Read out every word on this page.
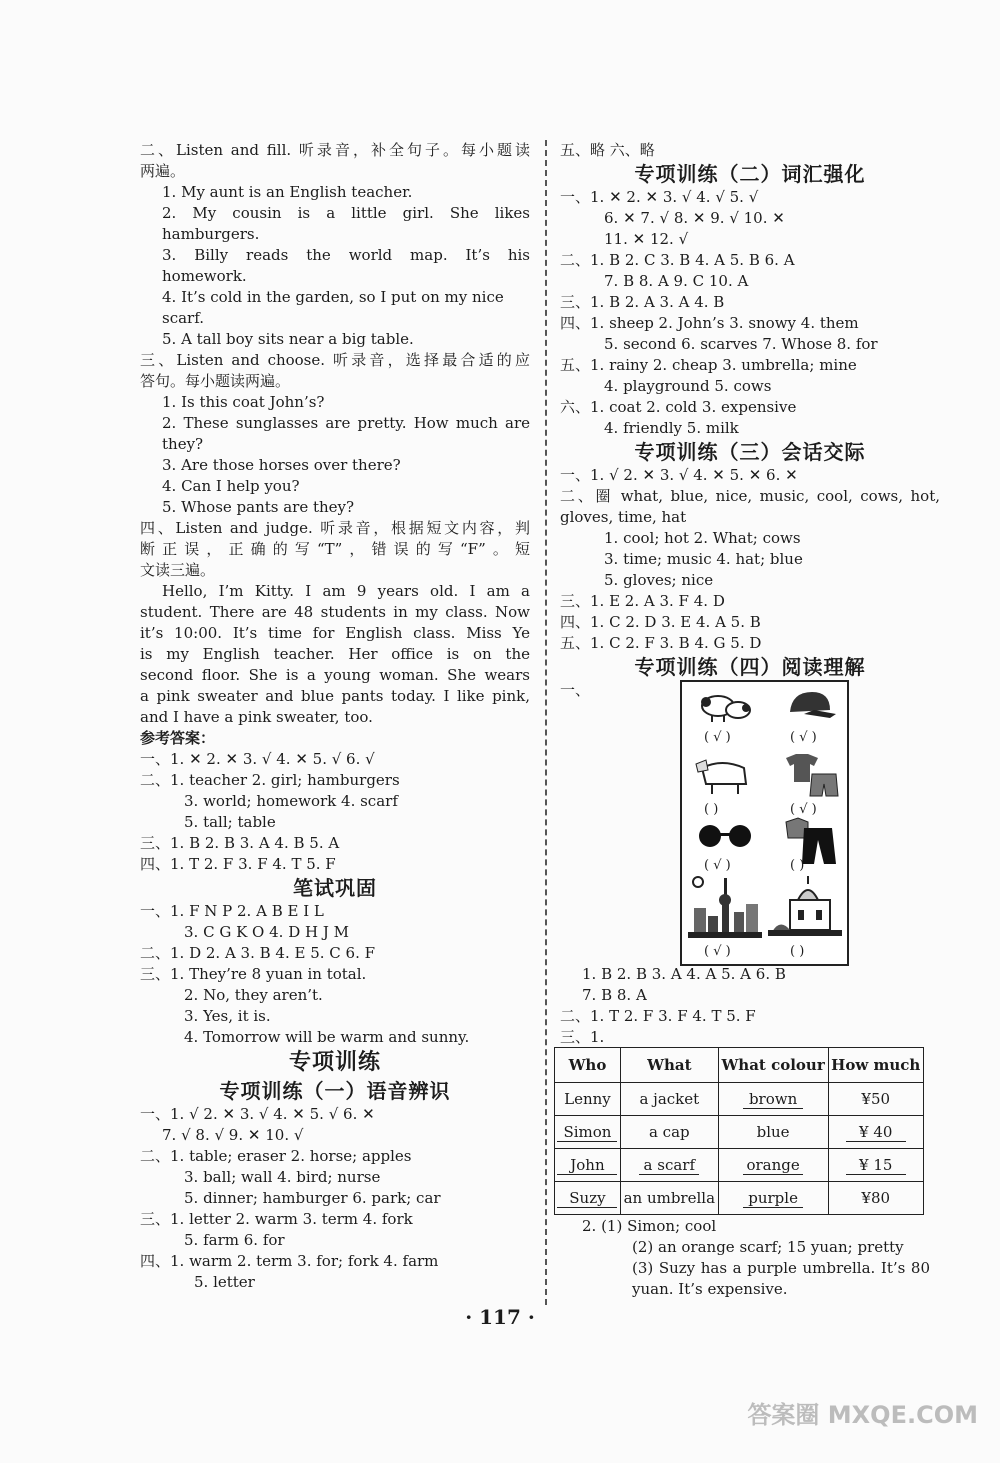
二、Listen and fill. 听录音，补全句子。每小题读
两遍。
1. My aunt is an English teacher.
2. My cousin is a little girl. She likes
hamburgers.
3. Billy reads the world map. It’s his
homework.
4. It’s cold in the garden, so I put on my nice
scarf.
5. A tall boy sits near a big table.
三、Listen and choose. 听录音，选择最合适的应
答句。每小题读两遍。
1. Is this coat John’s?
2. These sunglasses are pretty. How much are
they?
3. Are those horses over there?
4. Can I help you?
5. Whose pants are they?
四、Listen and judge. 听录音，根据短文内容，判
断正误，正确的写“T”，错误的写“F”。短
文读三遍。
Hello, I’m Kitty. I am 9 years old. I am a
student. There are 48 students in my class. Now
it’s 10:00. It’s time for English class. Miss Ye
is my English teacher. Her office is on the
second floor. She is a young woman. She wears
a pink sweater and blue pants today. I like pink,
and I have a pink sweater, too.
参考答案：
一、1. ✕ 2. ✕ 3. √ 4. ✕ 5. √ 6. √
二、1. teacher 2. girl; hamburgers
3. world; homework 4. scarf
5. tall; table
三、1. B 2. B 3. A 4. B 5. A
四、1. T 2. F 3. F 4. T 5. F
笔试巩固
一、1. F N P 2. A B E I L
3. C G K O 4. D H J M
二、1. D 2. A 3. B 4. E 5. C 6. F
三、1. They’re 8 yuan in total.
2. No, they aren’t.
3. Yes, it is.
4. Tomorrow will be warm and sunny.
专项训练
专项训练（一）语音辨识
一、1. √ 2. ✕ 3. √ 4. ✕ 5. √ 6. ✕
7. √ 8. √ 9. ✕ 10. √
二、1. table; eraser 2. horse; apples
3. ball; wall 4. bird; nurse
5. dinner; hamburger 6. park; car
三、1. letter 2. warm 3. term 4. fork
5. farm 6. for
四、1. warm 2. term 3. for; fork 4. farm
5. letter
五、略 六、略
专项训练（二）词汇强化
一、1. ✕ 2. ✕ 3. √ 4. √ 5. √
6. ✕ 7. √ 8. ✕ 9. √ 10. ✕
11. ✕ 12. √
二、1. B 2. C 3. B 4. A 5. B 6. A
7. B 8. A 9. C 10. A
三、1. B 2. A 3. A 4. B
四、1. sheep 2. John’s 3. snowy 4. them
5. second 6. scarves 7. Whose 8. for
五、1. rainy 2. cheap 3. umbrella; mine
4. playground 5. cows
六、1. coat 2. cold 3. expensive
4. friendly 5. milk
专项训练（三）会话交际
一、1. √ 2. ✕ 3. √ 4. ✕ 5. ✕ 6. ✕
二、圈 what, blue, nice, music, cool, cows, hot,
gloves, time, hat
1. cool; hot 2. What; cows
3. time; music 4. hat; blue
5. gloves; nice
三、1. E 2. A 3. F 4. D
四、1. C 2. D 3. E 4. A 5. B
五、1. C 2. F 3. B 4. G 5. D
专项训练（四）阅读理解
一、
( √ )	( √ )
( )	( √ )
( √ )	( )
( √ )	( )
1. B 2. B 3. A 4. A 5. A 6. B
7. B 8. A
二、1. T 2. F 3. F 4. T 5. F
三、1.
Who	What	What colour	How much
Lenny	a jacket	brown	¥50
Simon	a cap	blue	¥ 40
John	a scarf	orange	¥ 15
Suzy	an umbrella	purple	¥80
2. (1) Simon; cool
(2) an orange scarf; 15 yuan; pretty
(3) Suzy has a purple umbrella. It’s 80
yuan. It’s expensive.
· 117 ·
答案圈 MXQE.COM
